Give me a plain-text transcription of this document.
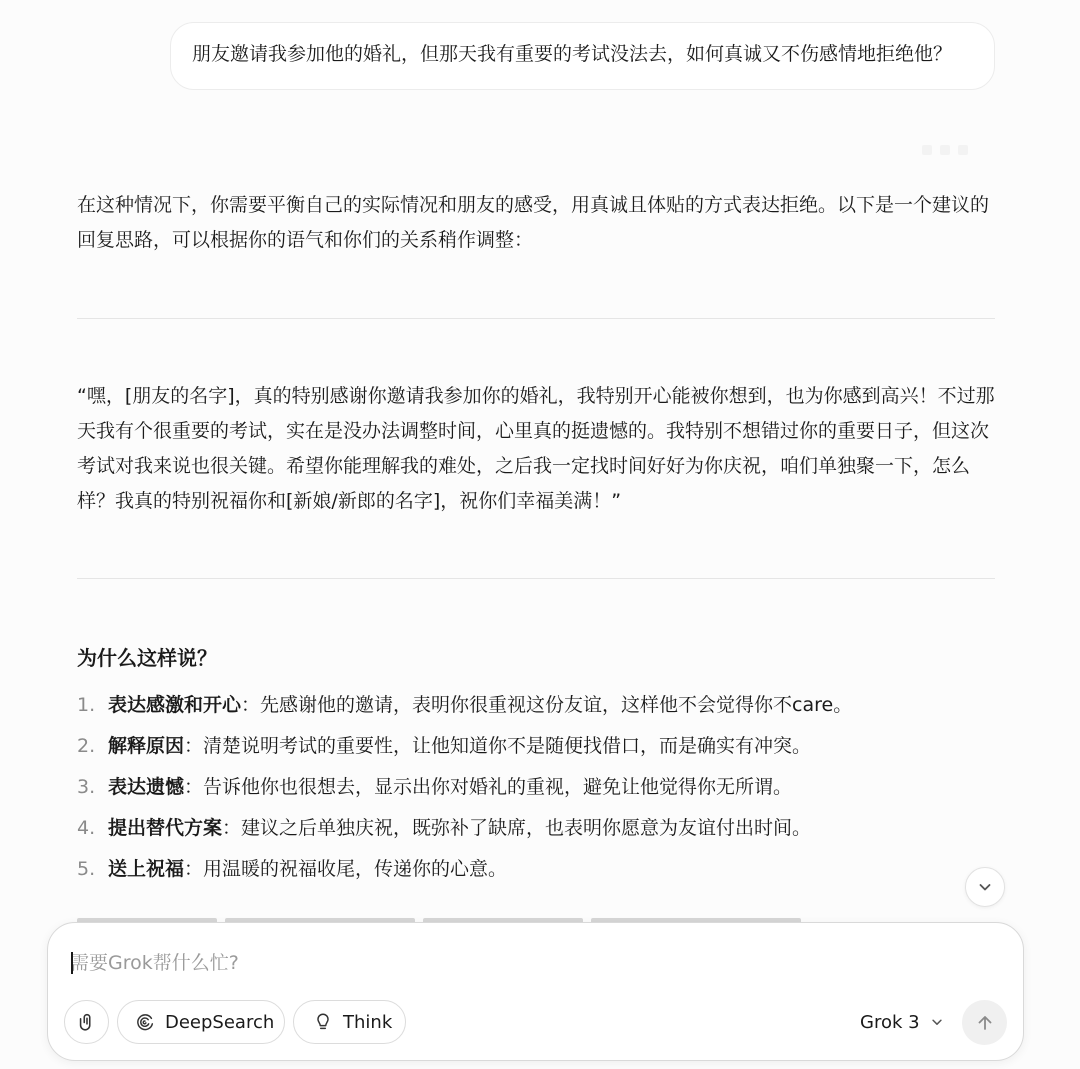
朋友邀请我参加他的婚礼，但那天我有重要的考试没法去，如何真诚又不伤感情地拒绝他？
在这种情况下，你需要平衡自己的实际情况和朋友的感受，用真诚且体贴的方式表达拒绝。以下是一个建议的回复思路，可以根据你的语气和你们的关系稍作调整：
“嘿，[朋友的名字]，真的特别感谢你邀请我参加你的婚礼，我特别开心能被你想到，也为你感到高兴！不过那天我有个很重要的考试，实在是没办法调整时间，心里真的挺遗憾的。我特别不想错过你的重要日子，但这次考试对我来说也很关键。希望你能理解我的难处，之后我一定找时间好好为你庆祝，咱们单独聚一下，怎么样？我真的特别祝福你和[新娘/新郎的名字]，祝你们幸福美满！”
为什么这样说？
1. 表达感激和开心：先感谢他的邀请，表明你很重视这份友谊，这样他不会觉得你不care。
2. 解释原因：清楚说明考试的重要性，让他知道你不是随便找借口，而是确实有冲突。
3. 表达遗憾：告诉他你也很想去，显示出你对婚礼的重视，避免让他觉得你无所谓。
4. 提出替代方案：建议之后单独庆祝，既弥补了缺席，也表明你愿意为友谊付出时间。
5. 送上祝福：用温暖的祝福收尾，传递你的心意。
需要Grok帮什么忙?
DeepSearch	Think	Grok 3
